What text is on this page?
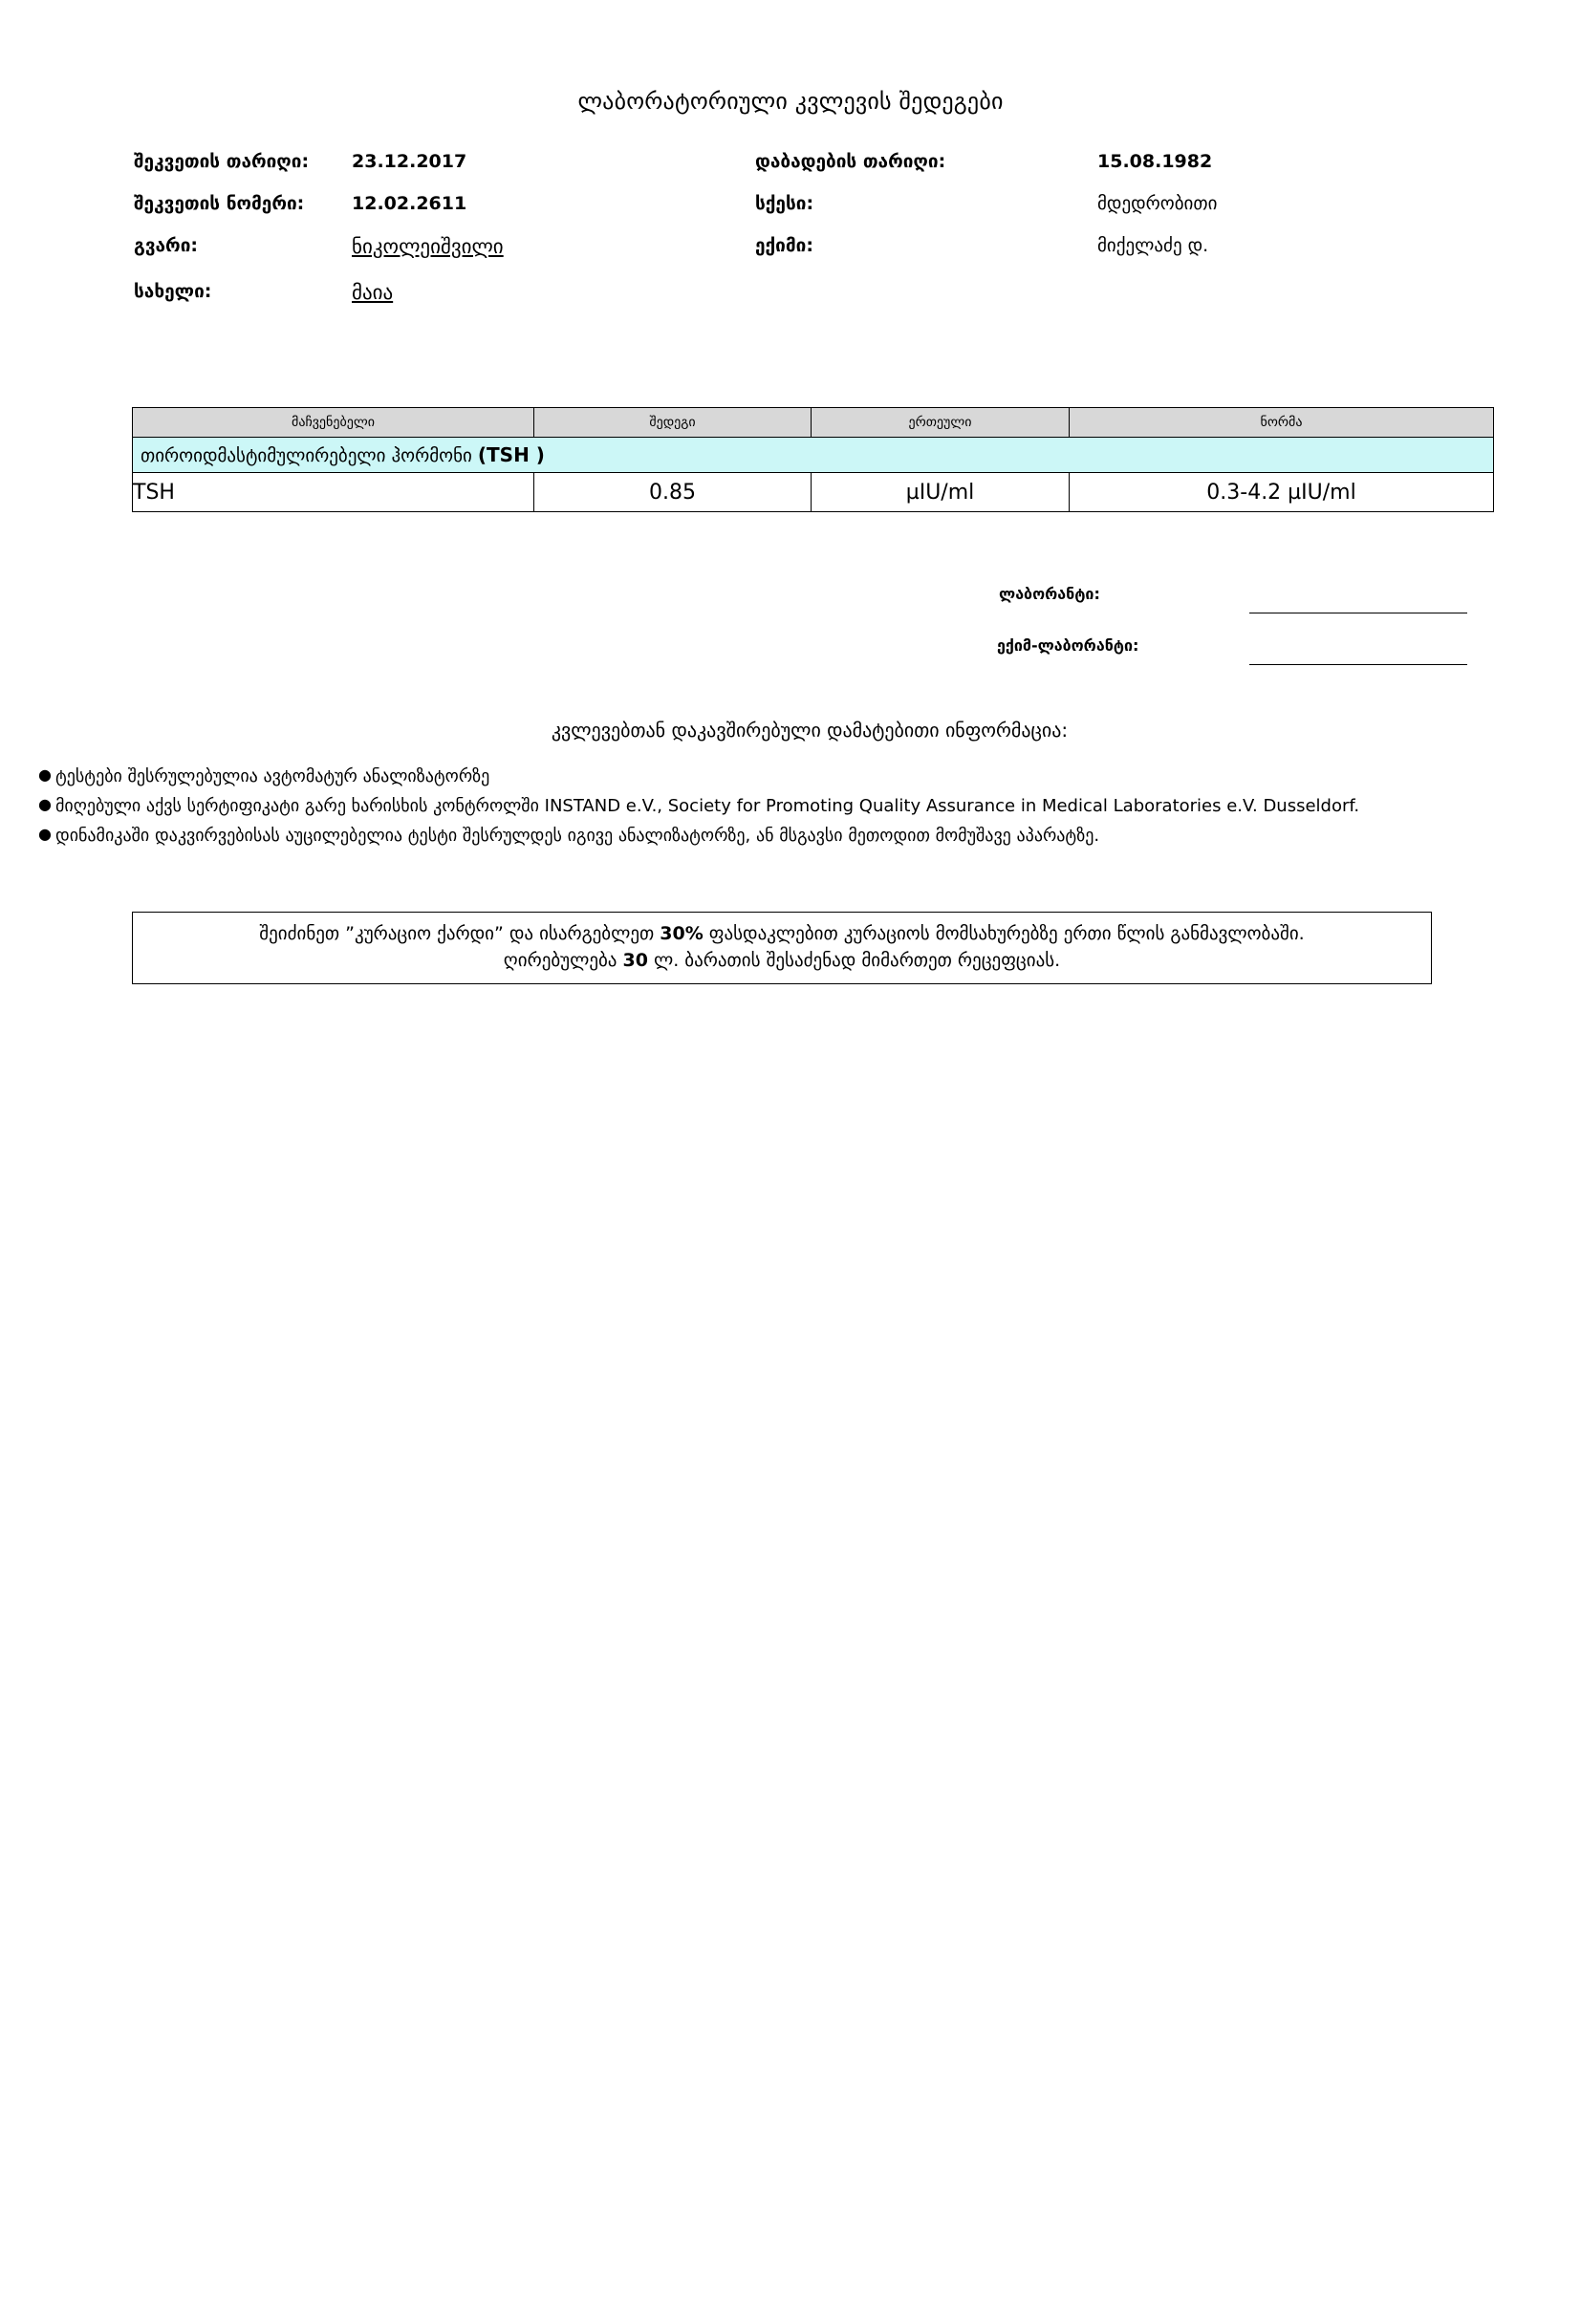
ლაბორატორიული კვლევის შედეგები
შეკვეთის თარიღი: 23.12.2017
შეკვეთის ნომერი:	12.02.2611
გვარი:	ნიკოლეიშვილი
სახელი:	მაია
დაბადების თარიღი:	15.08.1982
სქესი:	მდედრობითი
ექიმი:	მიქელაძე დ.
მაჩვენებელი	შედეგი	ერთეული	ნორმა
თიროიდმასტიმულირებელი ჰორმონი (TSH )			
TSH	0.85	µIU/ml	0.3-4.2 µIU/ml
ლაბორანტი:
ექიმ-ლაბორანტი:
კვლევებთან დაკავშირებული დამატებითი ინფორმაცია:

● ტესტები შესრულებულია ავტომატურ ანალიზატორზე

● მიღებული აქვს სერტიფიკატი გარე ხარისხის კონტროლში INSTAND e.V., Society for Promoting Quality Assurance in Medical Laboratories e.V. Dusseldorf.

● დინამიკაში დაკვირვებისას აუცილებელია ტესტი შესრულდეს იგივე ანალიზატორზე, ან მსგავსი მეთოდით მომუშავე აპარატზე.

შეიძინეთ ”კურაციო ქარდი” და ისარგებლეთ 30% ფასდაკლებით კურაციოს მომსახურებზე ერთი წლის განმავლობაში.
ღირებულება 30 ლ. ბარათის შესაძენად მიმართეთ რეცეფციას.
